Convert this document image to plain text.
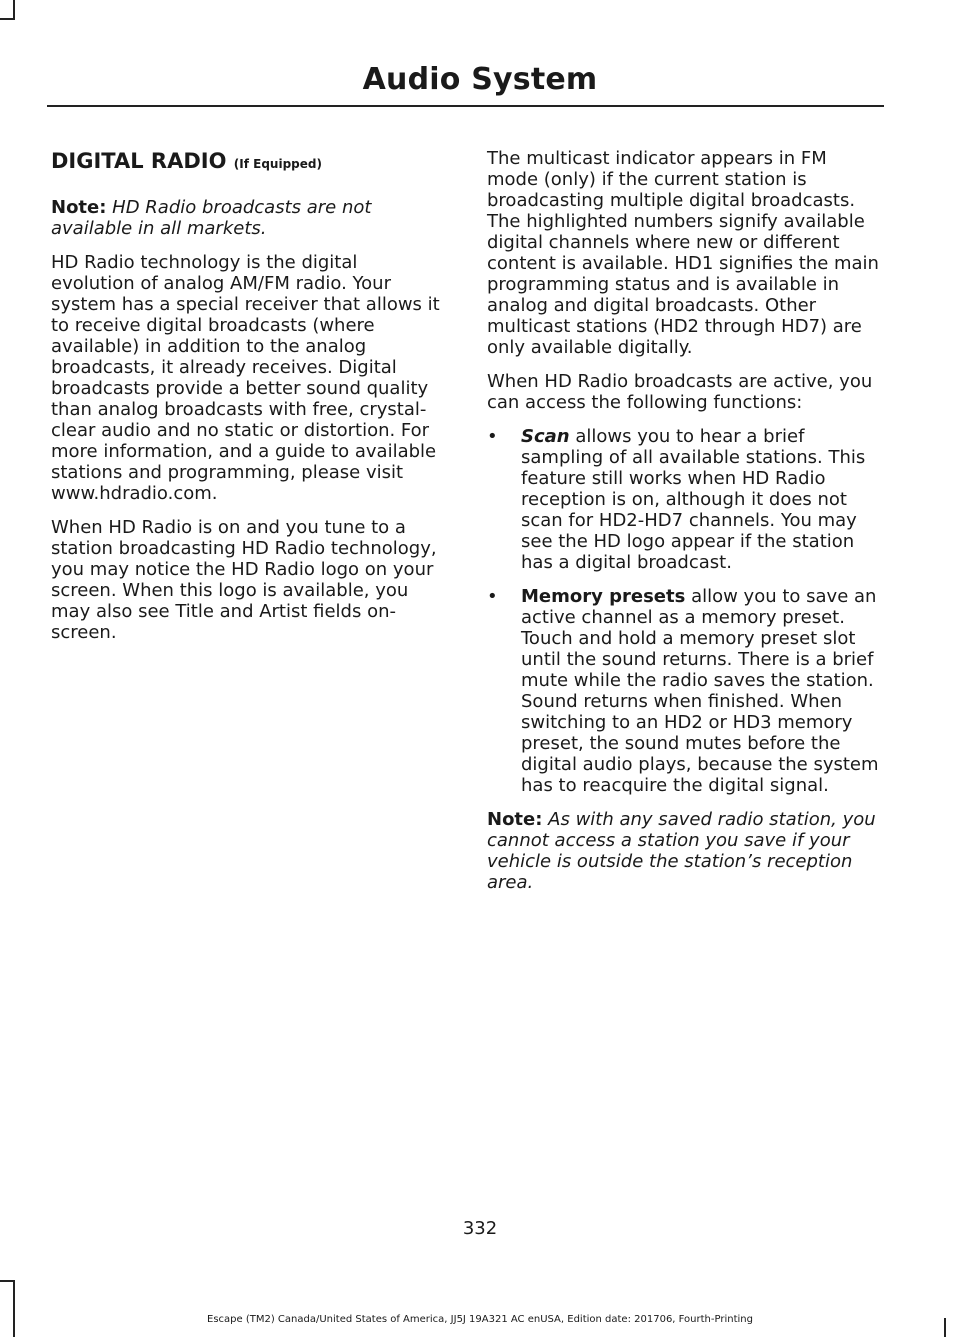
Audio System
DIGITAL RADIO (If Equipped)

Note: HD Radio broadcasts are not available in all markets.

HD Radio technology is the digital evolution of analog AM/FM radio. Your system has a special receiver that allows it to receive digital broadcasts (where available) in addition to the analog broadcasts, it already receives. Digital broadcasts provide a better sound quality than analog broadcasts with free, crystal-clear audio and no static or distortion. For more information, and a guide to available stations and programming, please visit www.hdradio.com.

When HD Radio is on and you tune to a station broadcasting HD Radio technology, you may notice the HD Radio logo on your screen. When this logo is available, you may also see Title and Artist fields on-screen.

The multicast indicator appears in FM mode (only) if the current station is broadcasting multiple digital broadcasts. The highlighted numbers signify available digital channels where new or different content is available. HD1 signifies the main programming status and is available in analog and digital broadcasts. Other multicast stations (HD2 through HD7) are only available digitally.

When HD Radio broadcasts are active, you can access the following functions:

•	Scan allows you to hear a brief sampling of all available stations. This feature still works when HD Radio reception is on, although it does not scan for HD2-HD7 channels. You may see the HD logo appear if the station has a digital broadcast.
•	Memory presets allow you to save an active channel as a memory preset. Touch and hold a memory preset slot until the sound returns. There is a brief mute while the radio saves the station. Sound returns when finished. When switching to an HD2 or HD3 memory preset, the sound mutes before the digital audio plays, because the system has to reacquire the digital signal.

Note: As with any saved radio station, you cannot access a station you save if your vehicle is outside the station’s reception area.

332
Escape (TM2) Canada/United States of America, JJ5J 19A321 AC enUSA, Edition date: 201706, Fourth-Printing
